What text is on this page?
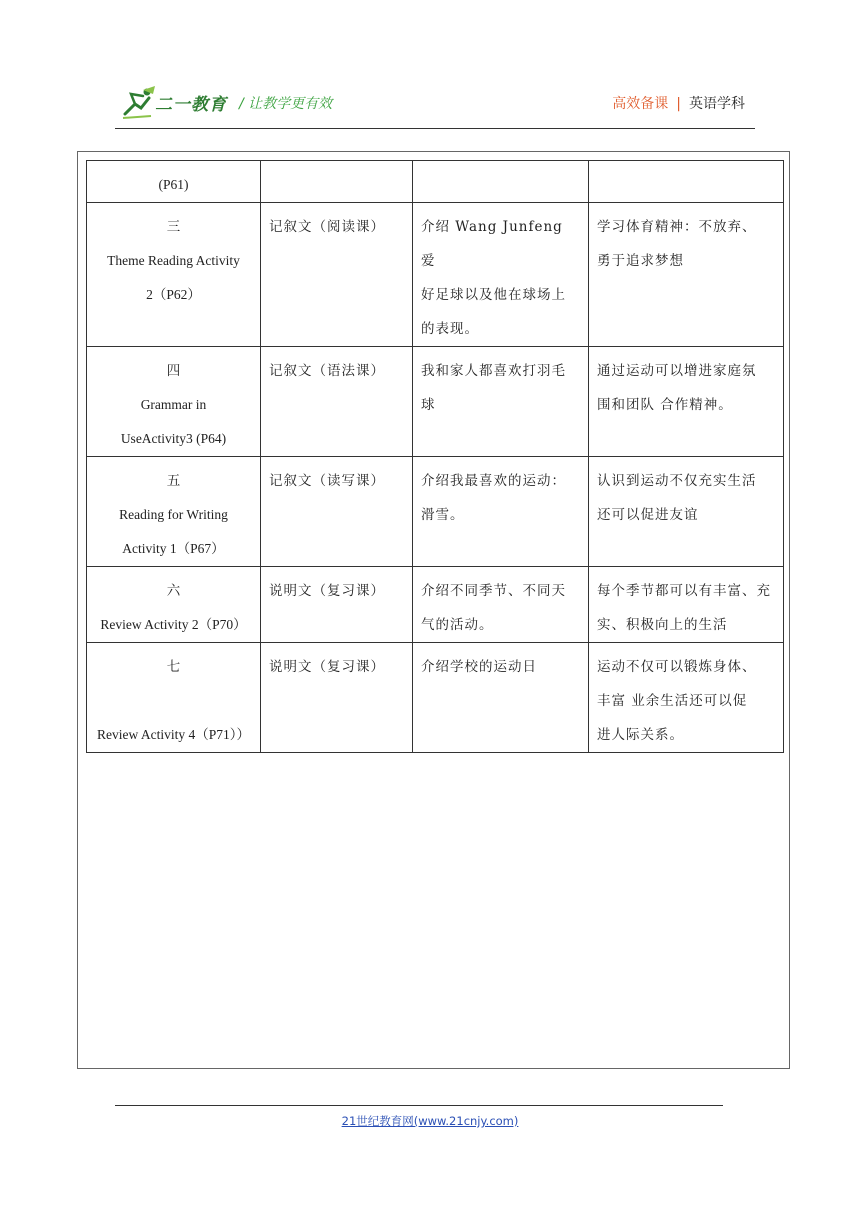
二一教育 / 让教学更有效	高效备课 | 英语学科
(P61)			

三
Theme Reading Activity
2（P62）	记叙文（阅读课）	介绍 Wang Junfeng 爱
好足球以及他在球场上
的表现。	学习体育精神：不放弃、
勇于追求梦想

四
Grammar in
UseActivity3 (P64)	记叙文（语法课）	我和家人都喜欢打羽毛
球	通过运动可以增进家庭氛
围和团队 合作精神。

五
Reading for Writing
Activity 1（P67）	记叙文（读写课）	介绍我最喜欢的运动：
滑雪。	认识到运动不仅充实生活
还可以促进友谊

六
Review Activity 2（P70）	说明文（复习课）	介绍不同季节、不同天
气的活动。	每个季节都可以有丰富、充
实、积极向上的生活

七

Review Activity 4（P71））	说明文（复习课）	介绍学校的运动日	运动不仅可以锻炼身体、
丰富 业余生活还可以促
进人际关系。
21世纪教育网(www.21cnjy.com)
